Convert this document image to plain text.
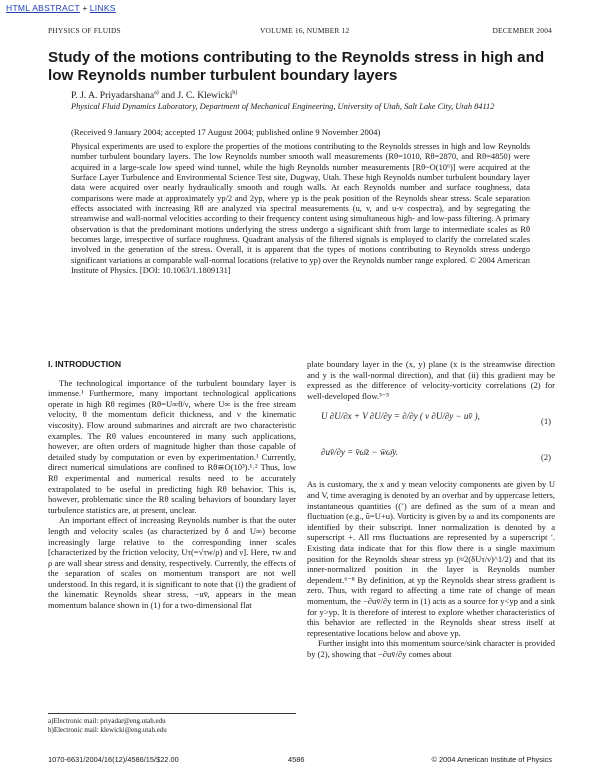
HTML ABSTRACT + LINKS
PHYSICS OF FLUIDS	VOLUME 16, NUMBER 12	DECEMBER 2004
Study of the motions contributing to the Reynolds stress in high and low Reynolds number turbulent boundary layers
P. J. A. Priyadarshana$^{a)}$ and J. C. Klewicki$^{b)}$
Physical Fluid Dynamics Laboratory, Department of Mechanical Engineering, University of Utah, Salt Lake City, Utah 84112
(Received 9 January 2004; accepted 17 August 2004; published online 9 November 2004)
Physical experiments are used to explore the properties of the motions contributing to the Reynolds stresses in high and low Reynolds number turbulent boundary layers. The low Reynolds number smooth wall measurements (Rθ=1010, Rθ=2870, and Rθ=4850) were acquired in a large-scale low speed wind tunnel, while the high Reynolds number measurements [Rθ~O(10⁶)] were acquired at the Surface Layer Turbulence and Environmental Science Test site, Dugway, Utah. These high Reynolds number turbulent boundary layer data were acquired over nearly hydraulically smooth and rough walls. At each Reynolds number and surface roughness, data comparisons were made at approximately yp/2 and 2yp, where yp is the peak position of the Reynolds shear stress. Scale separation effects associated with increasing Rθ are analyzed via spectral measurements (u, v, and u-v cospectra), and by segregating the streamwise and wall-normal velocities according to their frequency content using simultaneous high- and low-pass filtering. A primary observation is that the predominant motions underlying the stress undergo a significant shift from large to intermediate scales as Rθ becomes large, irrespective of surface roughness. Quadrant analysis of the filtered signals is employed to clarify the correlated scales involved in the generation of the stress. Overall, it is apparent that the types of motions contributing to Reynolds stress undergo significant variations at comparable wall-normal locations (relative to yp) over the Reynolds number range explored. © 2004 American Institute of Physics. [DOI: 10.1063/1.1809131]
I. INTRODUCTION

The technological importance of the turbulent boundary layer is immense.¹ Furthermore, many important technological applications operate in high Rθ regimes (Rθ=U∞θ/ν, where U∞ is the free stream velocity, θ the momentum deficit thickness, and ν the kinematic viscosity). Flow around submarines and aircraft are two characteristic examples. The Rθ values encountered in many such applications, however, are often orders of magnitude higher than those capable of detailed study by computation or even by experimentation.¹ Currently, direct numerical simulations are confined to Rθ≅O(10³).¹˒² Thus, low Rθ experimental and numerical results need to be accurately extrapolated to be useful in predicting high Rθ behavior. This is, however, problematic since the Rθ scaling behaviors of boundary layer turbulence statistics are, at present, unclear.

An important effect of increasing Reynolds number is that the outer length and velocity scales (as characterized by δ and U∞) become increasingly large relative to the corresponding inner scales [characterized by the friction velocity, Uτ(=√τw/ρ) and ν]. Here, τw and ρ are wall shear stress and density, respectively. Currently, the effects of the separation of scales on momentum transport are not well understood. In this regard, it is significant to note that (i) the gradient of the kinematic Reynolds shear stress, −uv̄, appears in the mean momentum balance shown in (1) for a two-dimensional flat

plate boundary layer in the (x, y) plane (x is the streamwise direction and y is the wall-normal direction), and that (ii) this gradient may be expressed as the difference of velocity-vorticity correlations (2) for well-developed flow.³⁻⁵

U ∂U/∂x + V ∂U/∂y = ∂/∂y ( ν ∂U/∂y − uv̄ ),	(1)
∂uv̄/∂y = v̄ω̄z − w̄ω̄y.	(2)

As is customary, the x and y mean velocity components are given by U and V, time averaging is denoted by an overbar and by uppercase letters, instantaneous quantities ((˜) are defined as the sum of a mean and fluctuation (e.g., ũ=U+u). Vorticity is given by ω and its components are identified by their subscript. Inner normalization is denoted by a superscript +. All rms fluctuations are represented by a superscript ′. Existing data indicate that for this flow there is a single maximum position for the Reynolds shear stress yp (≈2(δUτ/ν)^1/2) and that its inner-normalized position in the layer is Reynolds number dependent.⁶⁻⁸ By definition, at yp the Reynolds shear stress gradient is zero. Thus, with regard to affecting a time rate of change of mean momentum, the −∂uv̄/∂y term in (1) acts as a source for y<yp and a sink for y>yp. It is therefore of interest to explore whether characteristics of this behavior are reflected in the Reynolds shear stress itself at representative locations below and above yp.

Further insight into this momentum source/sink character is provided by (2), showing that −∂uv̄/∂y comes about

a)Electronic mail: priyadar@eng.utah.edu
b)Electronic mail: klewicki@eng.utah.edu
1070-6631/2004/16(12)/4586/15/$22.00	4586	© 2004 American Institute of Physics
